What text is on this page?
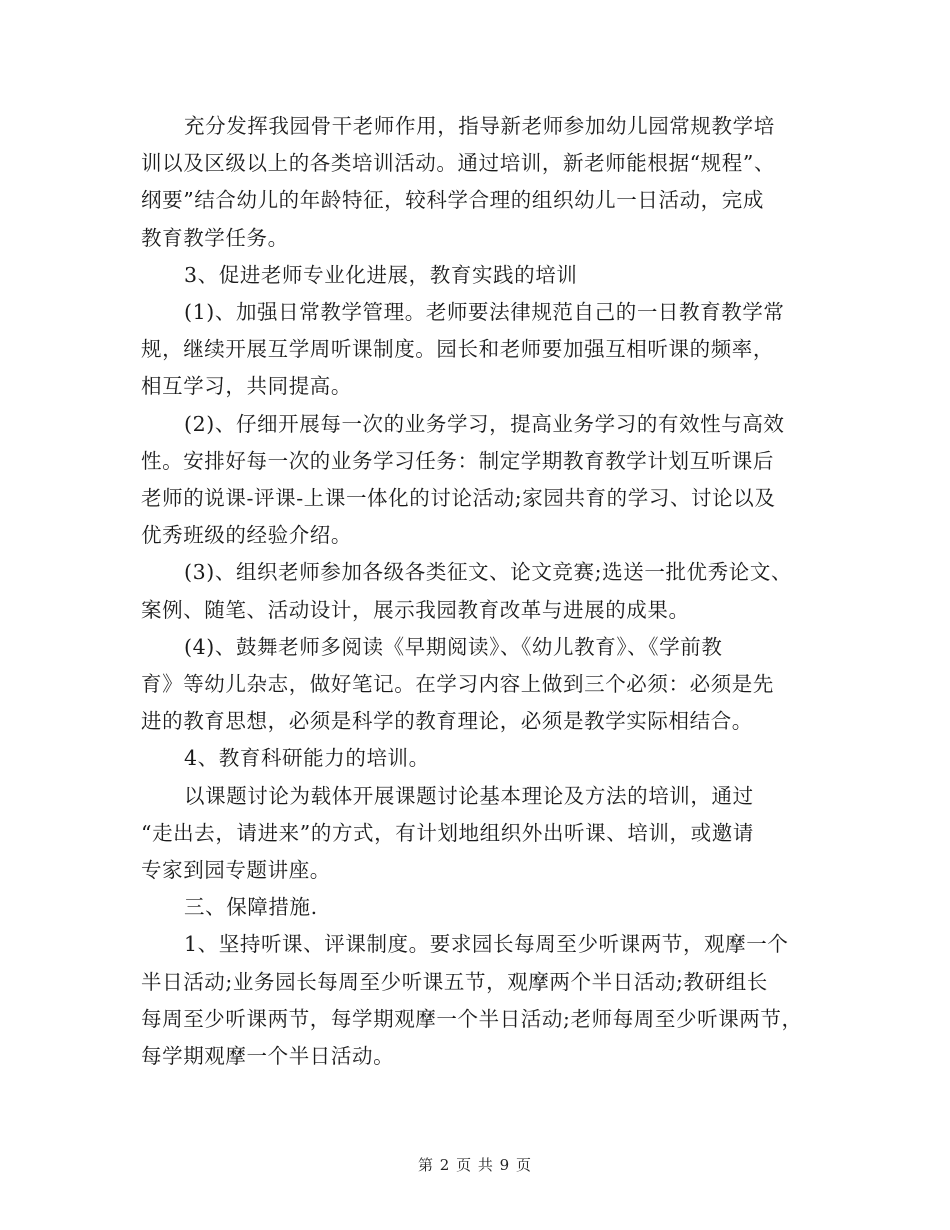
充分发挥我园骨干老师作用，指导新老师参加幼儿园常规教学培
训以及区级以上的各类培训活动。通过培训，新老师能根据“规程”、
纲要”结合幼儿的年龄特征，较科学合理的组织幼儿一日活动，完成
教育教学任务。
3、促进老师专业化进展，教育实践的培训
(1)、加强日常教学管理。老师要法律规范自己的一日教育教学常
规，继续开展互学周听课制度。园长和老师要加强互相听课的频率，
相互学习，共同提高。
(2)、仔细开展每一次的业务学习，提高业务学习的有效性与高效
性。安排好每一次的业务学习任务：制定学期教育教学计划互听课后
老师的说课-评课-上课一体化的讨论活动;家园共育的学习、讨论以及
优秀班级的经验介绍。
(3)、组织老师参加各级各类征文、论文竞赛;选送一批优秀论文、
案例、随笔、活动设计，展示我园教育改革与进展的成果。
(4)、鼓舞老师多阅读《早期阅读》、《幼儿教育》、《学前教
育》等幼儿杂志，做好笔记。在学习内容上做到三个必须：必须是先
进的教育思想，必须是科学的教育理论，必须是教学实际相结合。
4、教育科研能力的培训。
以课题讨论为载体开展课题讨论基本理论及方法的培训，通过
“走出去，请进来”的方式，有计划地组织外出听课、培训，或邀请
专家到园专题讲座。
三、保障措施.
1、坚持听课、评课制度。要求园长每周至少听课两节，观摩一个
半日活动;业务园长每周至少听课五节，观摩两个半日活动;教研组长
每周至少听课两节，每学期观摩一个半日活动;老师每周至少听课两节，
每学期观摩一个半日活动。
第 2 页 共 9 页
